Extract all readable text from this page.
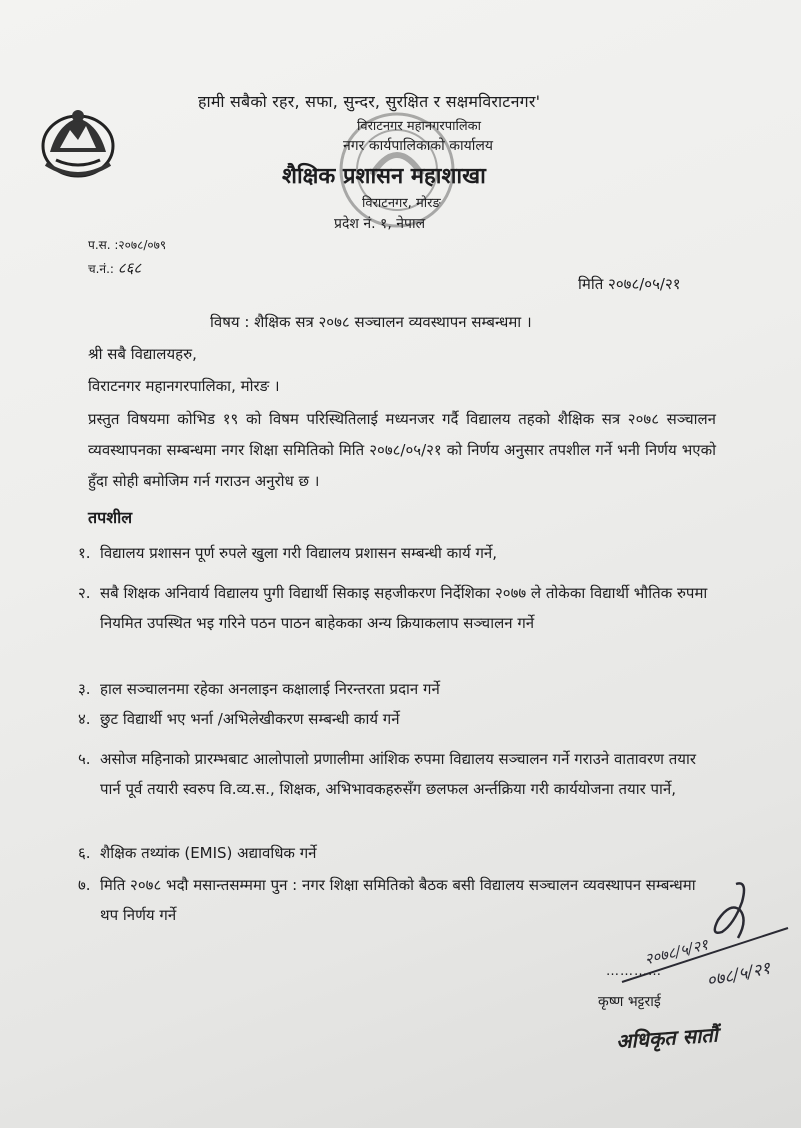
हामी सबैको रहर, सफा, सुन्दर, सुरक्षित र सक्षमविराटनगर'
विराटनगर महानगरपालिका
नगर कार्यपालिकाको कार्यालय
शैक्षिक प्रशासन महाशाखा
विराटनगर, मोरङ
प्रदेश नं. १, नेपाल
प.स. :२०७८/०७९
च.नं.: ८६८
मिति २०७८/०५/२१
विषय : शैक्षिक सत्र २०७८ सञ्चालन व्यवस्थापन सम्बन्धमा ।
श्री सबै विद्यालयहरु,
विराटनगर महानगरपालिका, मोरङ ।
प्रस्तुत विषयमा कोभिड १९ को विषम परिस्थितिलाई मध्यनजर गर्दै विद्यालय तहको शैक्षिक सत्र २०७८ सञ्चालन व्यवस्थापनका सम्बन्धमा नगर शिक्षा समितिको मिति २०७८/०५/२१ को निर्णय अनुसार तपशील गर्ने भनी निर्णय भएको हुँदा सोही बमोजिम गर्न गराउन अनुरोध छ ।
तपशील
१. विद्यालय प्रशासन पूर्ण रुपले खुला गरी विद्यालय प्रशासन सम्बन्धी कार्य गर्ने,
२. सबै शिक्षक अनिवार्य विद्यालय पुगी विद्यार्थी सिकाइ सहजीकरण निर्देशिका २०७७ ले तोकेका विद्यार्थी भौतिक रुपमा नियमित उपस्थित भइ गरिने पठन पाठन बाहेकका अन्य क्रियाकलाप सञ्चालन गर्ने
३. हाल सञ्चालनमा रहेका अनलाइन कक्षालाई निरन्तरता प्रदान गर्ने
४. छुट विद्यार्थी भए भर्ना /अभिलेखीकरण सम्बन्धी कार्य गर्ने
५. असोज महिनाको प्रारम्भबाट आलोपालो प्रणालीमा आंशिक रुपमा विद्यालय सञ्चालन गर्ने गराउने वातावरण तयार पार्न पूर्व तयारी स्वरुप वि.व्य.स., शिक्षक, अभिभावकहरुसँग छलफल अर्न्तक्रिया गरी कार्ययोजना तयार पार्ने,
६. शैक्षिक तथ्यांक (EMIS) अद्यावधिक गर्ने
७. मिति २०७८ भदौ मसान्तसम्ममा पुन : नगर शिक्षा समितिको बैठक बसी विद्यालय सञ्चालन व्यवस्थापन सम्बन्धमा थप निर्णय गर्ने
…………
२०७८/५/२१
०७८/५/२१
कृष्ण भट्टराई
अधिकृत सातौं
